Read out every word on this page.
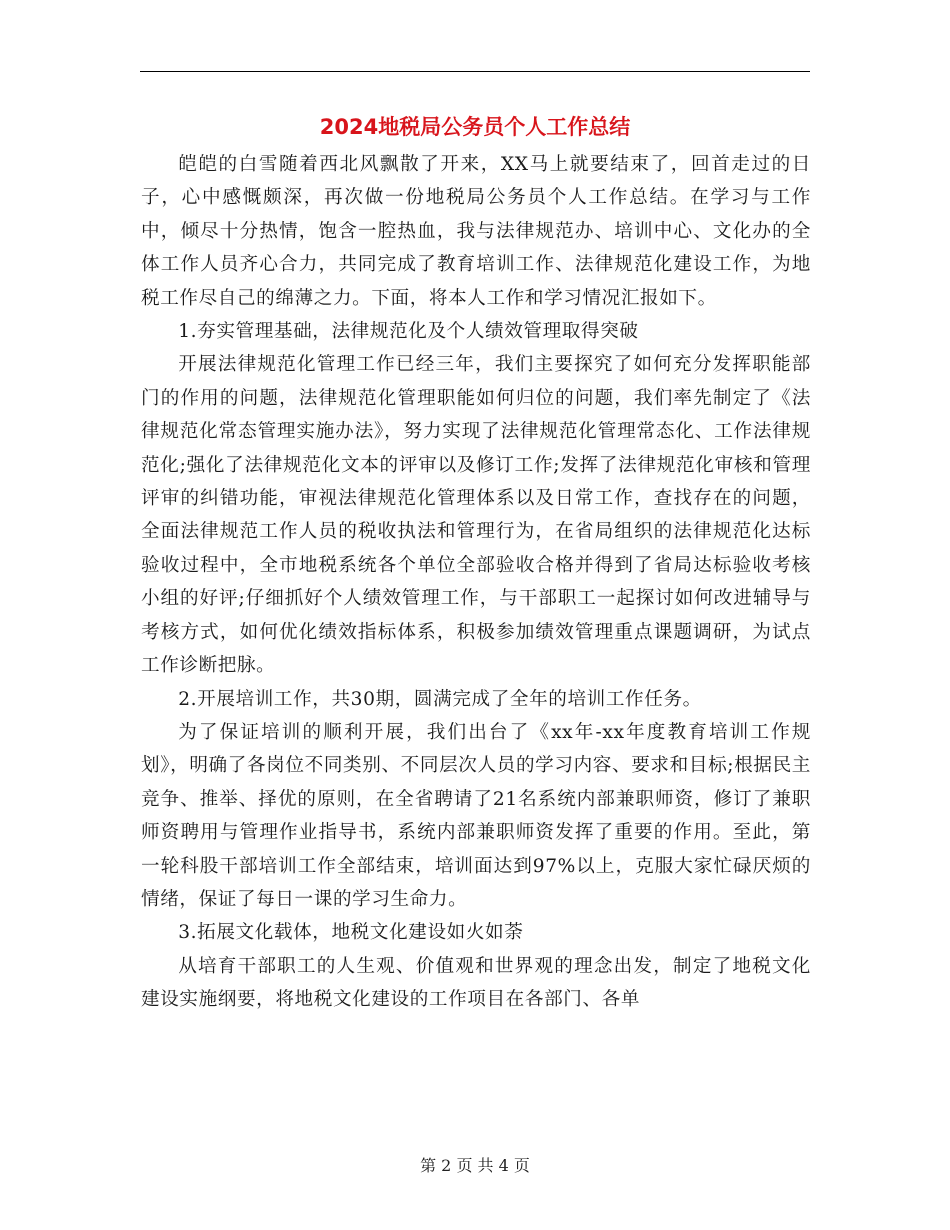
2024地税局公务员个人工作总结

皑皑的白雪随着西北风飘散了开来，XX马上就要结束了，回首走过的日子，心中感慨颇深，再次做一份地税局公务员个人工作总结。在学习与工作中，倾尽十分热情，饱含一腔热血，我与法律规范办、培训中心、文化办的全体工作人员齐心合力，共同完成了教育培训工作、法律规范化建设工作，为地税工作尽自己的绵薄之力。下面，将本人工作和学习情况汇报如下。

1.夯实管理基础，法律规范化及个人绩效管理取得突破

开展法律规范化管理工作已经三年，我们主要探究了如何充分发挥职能部门的作用的问题，法律规范化管理职能如何归位的问题，我们率先制定了《法律规范化常态管理实施办法》，努力实现了法律规范化管理常态化、工作法律规范化;强化了法律规范化文本的评审以及修订工作;发挥了法律规范化审核和管理评审的纠错功能，审视法律规范化管理体系以及日常工作，查找存在的问题，全面法律规范工作人员的税收执法和管理行为，在省局组织的法律规范化达标验收过程中，全市地税系统各个单位全部验收合格并得到了省局达标验收考核小组的好评;仔细抓好个人绩效管理工作，与干部职工一起探讨如何改进辅导与考核方式，如何优化绩效指标体系，积极参加绩效管理重点课题调研，为试点工作诊断把脉。

2.开展培训工作，共30期，圆满完成了全年的培训工作任务。

为了保证培训的顺利开展，我们出台了《xx年-xx年度教育培训工作规划》，明确了各岗位不同类别、不同层次人员的学习内容、要求和目标;根据民主竞争、推举、择优的原则，在全省聘请了21名系统内部兼职师资，修订了兼职师资聘用与管理作业指导书，系统内部兼职师资发挥了重要的作用。至此，第一轮科股干部培训工作全部结束，培训面达到97%以上，克服大家忙碌厌烦的情绪，保证了每日一课的学习生命力。

3.拓展文化载体，地税文化建设如火如荼

从培育干部职工的人生观、价值观和世界观的理念出发，制定了地税文化建设实施纲要，将地税文化建设的工作项目在各部门、各单

第 2 页 共 4 页
